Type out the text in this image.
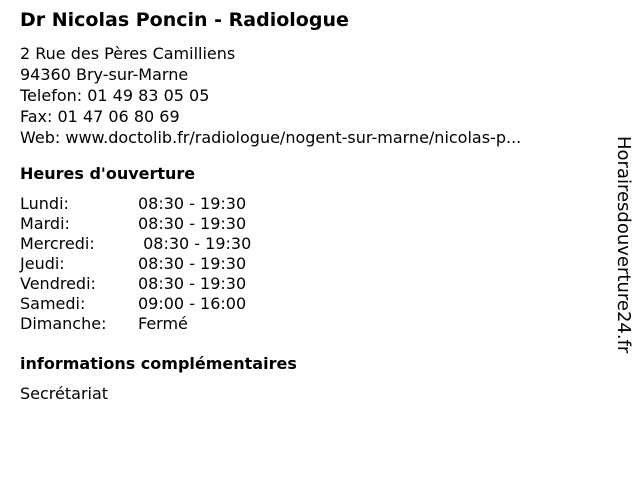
Dr Nicolas Poncin - Radiologue
2 Rue des Pères Camilliens
94360 Bry-sur-Marne
Telefon: 01 49 83 05 05
Fax: 01 47 06 80 69
Web: www.doctolib.fr/radiologue/nogent-sur-marne/nicolas-p...
Heures d'ouverture
Lundi:	08:30 - 19:30
Mardi:	08:30 - 19:30
Mercredi:	08:30 - 19:30
Jeudi:	08:30 - 19:30
Vendredi:	08:30 - 19:30
Samedi:	09:00 - 16:00
Dimanche:	Fermé
informations complémentaires
Secrétariat
Horairesdouverture24.fr
